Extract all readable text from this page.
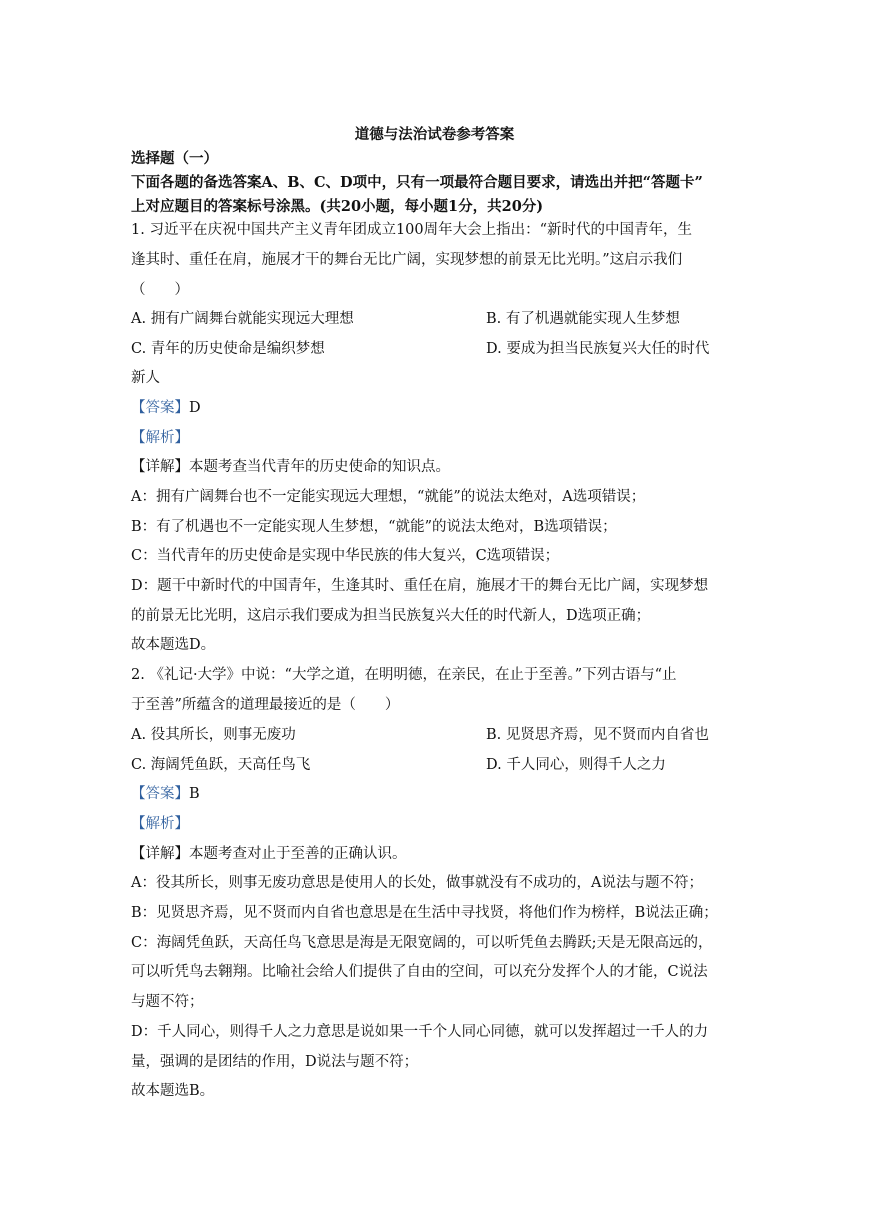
道德与法治试卷参考答案
选择题（一）
下面各题的备选答案A、B、C、D项中，只有一项最符合题目要求，请选出并把“答题卡”
上对应题目的答案标号涂黑。(共20小题，每小题1分，共20分)
1. 习近平在庆祝中国共产主义青年团成立100周年大会上指出：“新时代的中国青年，生
逢其时、重任在肩，施展才干的舞台无比广阔，实现梦想的前景无比光明。”这启示我们
（　　）
A. 拥有广阔舞台就能实现远大理想	B. 有了机遇就能实现人生梦想
C. 青年的历史使命是编织梦想	D. 要成为担当民族复兴大任的时代
新人
【答案】D
【解析】
【详解】本题考查当代青年的历史使命的知识点。
A：拥有广阔舞台也不一定能实现远大理想，“就能”的说法太绝对，A选项错误；
B：有了机遇也不一定能实现人生梦想，“就能”的说法太绝对，B选项错误；
C：当代青年的历史使命是实现中华民族的伟大复兴，C选项错误；
D：题干中新时代的中国青年，生逢其时、重任在肩，施展才干的舞台无比广阔，实现梦想
的前景无比光明，这启示我们要成为担当民族复兴大任的时代新人，D选项正确；
故本题选D。
2. 《礼记·大学》中说：“大学之道，在明明德，在亲民，在止于至善。”下列古语与“止
于至善”所蕴含的道理最接近的是（　　）
A. 役其所长，则事无废功	B. 见贤思齐焉，见不贤而内自省也
C. 海阔凭鱼跃，天高任鸟飞	D. 千人同心，则得千人之力
【答案】B
【解析】
【详解】本题考查对止于至善的正确认识。
A：役其所长，则事无废功意思是使用人的长处，做事就没有不成功的，A说法与题不符；
B：见贤思齐焉，见不贤而内自省也意思是在生活中寻找贤，将他们作为榜样，B说法正确；
C：海阔凭鱼跃，天高任鸟飞意思是海是无限宽阔的，可以听凭鱼去腾跃;天是无限高远的，
可以听凭鸟去翱翔。比喻社会给人们提供了自由的空间，可以充分发挥个人的才能，C说法
与题不符；
D：千人同心，则得千人之力意思是说如果一千个人同心同德，就可以发挥超过一千人的力
量，强调的是团结的作用，D说法与题不符；
故本题选B。
